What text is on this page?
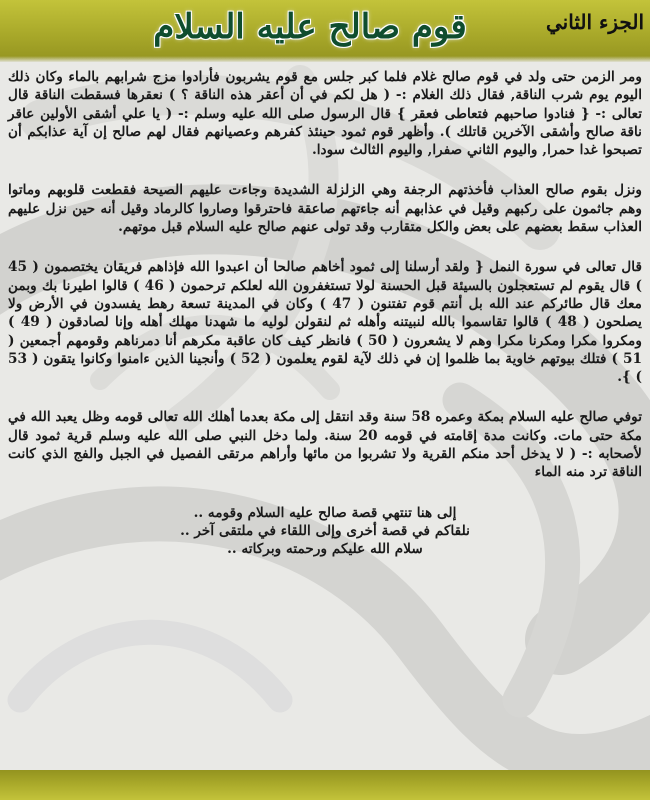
قوم صالح عليه السلام	الجزء الثاني

ومر الزمن حتى ولد في قوم صالح غلام فلما كبر جلس مع قوم يشربون فأرادوا مزج شرابهم بالماء وكان ذلك اليوم يوم شرب الناقة, فقال ذلك الغلام :- ( هل لكم في أن أعقر هذه الناقة ؟ ) نعقرها فسقطت الناقة قال تعالى :- { فنادوا صاحبهم فتعاطى فعقر } قال الرسول صلى الله عليه وسلم :- ( يا علي أشقى الأولين عاقر ناقة صالح وأشقى الآخرين قاتلك ). وأظهر قوم ثمود حينئذ كفرهم وعصيانهم فقال لهم صالح إن آية عذابكم أن تصبحوا غدا حمرا, واليوم الثاني صفرا, واليوم الثالث سودا.

ونزل بقوم صالح العذاب فأخذتهم الرجفة وهي الزلزلة الشديدة وجاءت عليهم الصيحة فقطعت قلوبهم وماتوا وهم جاثمون على ركبهم وقيل في عذابهم أنه جاءتهم صاعقة فاحترقوا وصاروا كالرماد وقيل أنه حين نزل عليهم العذاب سقط بعضهم على بعض والكل متقارب وقد تولى عنهم صالح عليه السلام قبل موتهم.

قال تعالى في سورة النمل { ولقد أرسلنا إلى ثمود أخاهم صالحا أن اعبدوا الله فإذاهم فريقان يختصمون ( 45 ) قال يقوم لم تستعجلون بالسيئة قبل الحسنة لولا تستغفرون الله لعلكم ترحمون ( 46 ) قالوا اطيرنا بك وبمن معك قال طائركم عند الله بل أنتم قوم تفتنون ( 47 ) وكان في المدينة تسعة رهط يفسدون في الأرض ولا يصلحون ( 48 ) قالوا تقاسموا بالله لنبيتنه وأهله ثم لنقولن لوليه ما شهدنا مهلك أهله وإنا لصادقون ( 49 ) ومكروا مكرا ومكرنا مكرا وهم لا يشعرون ( 50 ) فانظر كيف كان عاقبة مكرهم أنا دمرناهم وقومهم أجمعين ( 51 ) فتلك بيوتهم خاوية بما ظلموا إن في ذلك لآية لقوم يعلمون ( 52 ) وأنجينا الذين ءامنوا وكانوا يتقون ( 53 ) }.

توفي صالح عليه السلام بمكة وعمره 58 سنة وقد انتقل إلى مكة بعدما أهلك الله تعالى قومه وظل يعبد الله في مكة حتى مات. وكانت مدة إقامته في قومه 20 سنة. ولما دخل النبي صلى الله عليه وسلم قرية ثمود قال لأصحابه :- ( لا يدخل أحد منكم القرية ولا تشربوا من مائها وأراهم مرتقى الفصيل في الجبل والفج الذي كانت الناقة ترد منه الماء

إلى هنا تنتهي قصة صالح عليه السلام وقومه ..
نلقاكم في قصة أخرى وإلى اللقاء في ملتقى آخر ..
سلام الله عليكم ورحمته وبركاته ..
